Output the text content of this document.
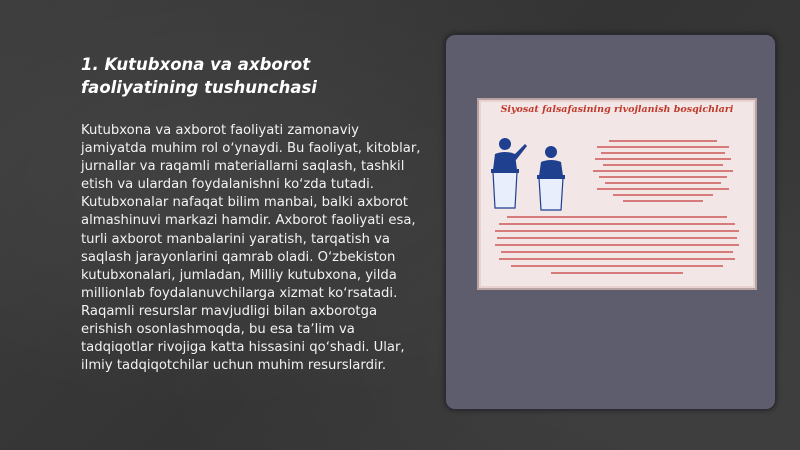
1. Kutubxona va axborot faoliyatining tushunchasi

Kutubxona va axborot faoliyati zamonaviy jamiyatda muhim rol oʻynaydi. Bu faoliyat, kitoblar, jurnallar va raqamli materiallarni saqlash, tashkil etish va ulardan foydalanishni koʻzda tutadi. Kutubxonalar nafaqat bilim manbai, balki axborot almashinuvi markazi hamdir. Axborot faoliyati esa, turli axborot manbalarini yaratish, tarqatish va saqlash jarayonlarini qamrab oladi. Oʻzbekiston kutubxonalari, jumladan, Milliy kutubxona, yilda millionlab foydalanuvchilarga xizmat koʻrsatadi. Raqamli resurslar mavjudligi bilan axborotga erishish osonlashmoqda, bu esa taʼlim va tadqiqotlar rivojiga katta hissasini qoʻshadi. Ular, ilmiy tadqiqotchilar uchun muhim resurslardir.

Siyosat falsafasining rivojlanish bosqichlari
